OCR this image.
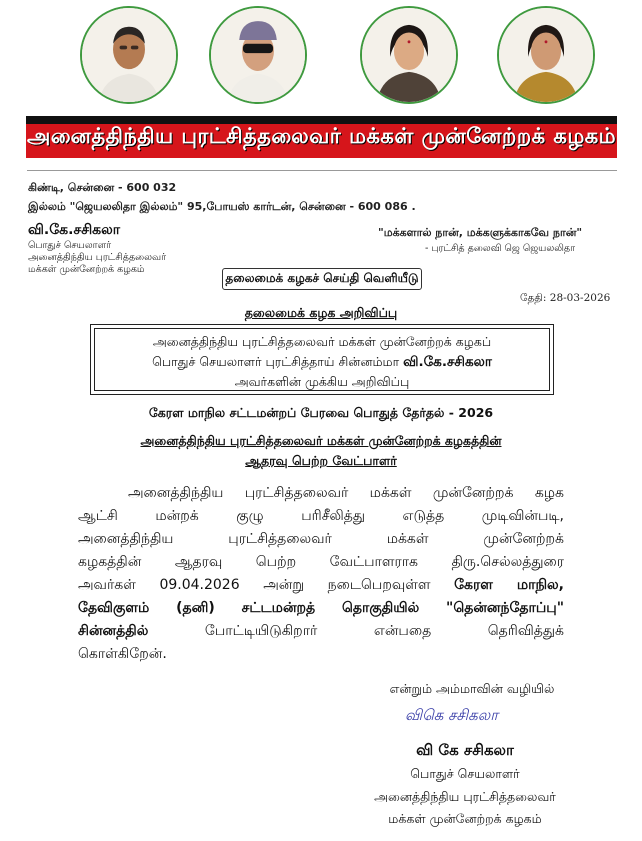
அனைத்திந்திய புரட்சித்தலைவர் மக்கள் முன்னேற்றக் கழகம்
கிண்டி, சென்னை - 600 032
இல்லம் "ஜெயலலிதா இல்லம்" 95,போயஸ் கார்டன், சென்னை - 600 086 .
வி.கே.சசிகலா
பொதுச் செயலாளர்
அனைத்திந்திய புரட்சித்தலைவர்
மக்கள் முன்னேற்றக் கழகம்
"மக்களால் நான், மக்களுக்காகவே நான்"
- புரட்சித் தலைவி ஜெ ஜெயலலிதா
தலைமைக் கழகச் செய்தி வெளியீடு
தேதி: 28-03-2026
தலைமைக் கழக அறிவிப்பு
அனைத்திந்திய புரட்சித்தலைவர் மக்கள் முன்னேற்றக் கழகப்
பொதுச் செயலாளர் புரட்சித்தாய் சின்னம்மா வி.கே.சசிகலா
அவர்களின் முக்கிய அறிவிப்பு
கேரள மாநில சட்டமன்றப் பேரவை பொதுத் தேர்தல் - 2026
அனைத்திந்திய புரட்சித்தலைவர் மக்கள் முன்னேற்றக் கழகத்தின்
ஆதரவு பெற்ற வேட்பாளர்
அனைத்திந்திய புரட்சித்தலைவர் மக்கள் முன்னேற்றக் கழக
ஆட்சி மன்றக் குழு பரிசீலித்து எடுத்த முடிவின்படி,
அனைத்திந்திய புரட்சித்தலைவர் மக்கள் முன்னேற்றக்
கழகத்தின் ஆதரவு பெற்ற வேட்பாளராக திரு.செல்லத்துரை
அவர்கள் 09.04.2026 அன்று நடைபெறவுள்ள கேரள மாநில,
தேவிகுளம் (தனி) சட்டமன்றத் தொகுதியில் "தென்னந்தோப்பு"
சின்னத்தில் போட்டியிடுகிறார் என்பதை தெரிவித்துக்
கொள்கிறேன்.
என்றும் அம்மாவின் வழியில்
விகெ சசிகலா
வி கே சசிகலா
பொதுச் செயலாளர்
அனைத்திந்திய புரட்சித்தலைவர்
மக்கள் முன்னேற்றக் கழகம்
